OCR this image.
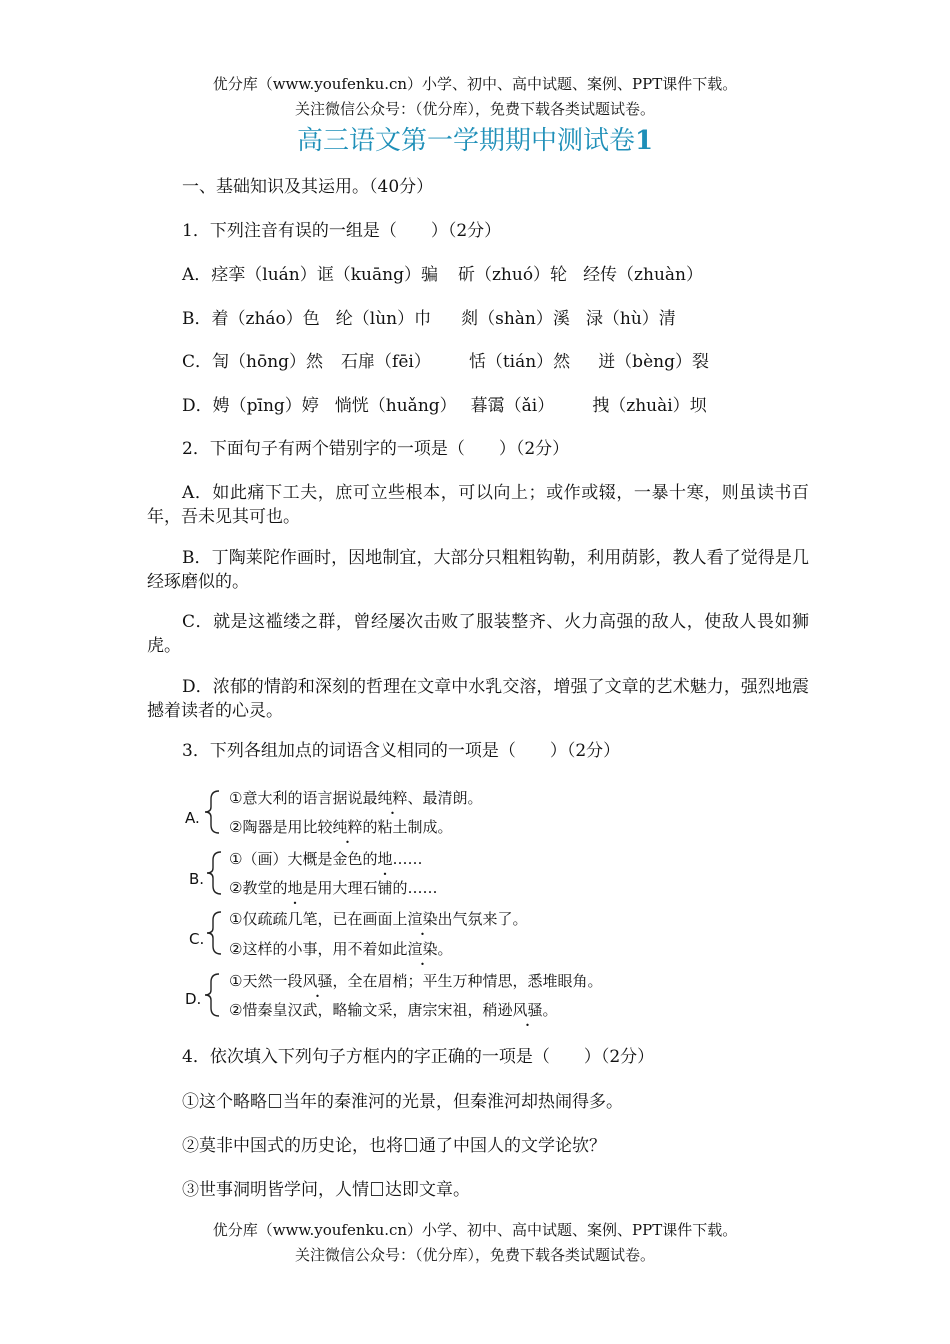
优分库（www.youfenku.cn）小学、初中、高中试题、案例、PPT课件下载。
关注微信公众号：（优分库），免费下载各类试题试卷。
高三语文第一学期期中测试卷1
一、基础知识及其运用。（40分）
1．下列注音有误的一组是（　　）（2分）
A．痉挛（luán）诓（kuāng）骗 斫（zhuó）轮 经传（zhuàn）
B．着（zháo）色 纶（lùn）巾 剡（shàn）溪 渌（hù）清
C．訇（hōng）然 石扉（fēi） 恬（tián）然 迸（bèng）裂
D．娉（pīng）婷 惝恍（huǎng） 暮霭（ǎi） 拽（zhuài）坝
2．下面句子有两个错别字的一项是（　　）（2分）
A．如此痛下工夫，庶可立些根本，可以向上；或作或辍，一暴十寒，则虽读书百年，吾未见其可也。
B．丁陶莱陀作画时，因地制宜，大部分只粗粗钩勒，利用荫影，教人看了觉得是几经琢磨似的。
C．就是这褴缕之群，曾经屡次击败了服装整齐、火力高强的敌人，使敌人畏如狮虎。
D．浓郁的情韵和深刻的哲理在文章中水乳交溶，增强了文章的艺术魅力，强烈地震撼着读者的心灵。
3．下列各组加点的词语含义相同的一项是（　　）（2分）
A.
①意大利的语言据说最纯粹、最清朗。
②陶器是用比较纯粹的粘土制成。
B.
①（画）大概是金色的地……
②教堂的地是用大理石铺的……
C.
①仅疏疏几笔，已在画面上渲染出气氛来了。
②这样的小事，用不着如此渲染。
D.
①天然一段风骚，全在眉梢；平生万种情思，悉堆眼角。
②惜秦皇汉武，略输文采，唐宗宋祖，稍逊风骚。
4．依次填入下列句子方框内的字正确的一项是（　　）（2分）
①这个略略 当年的秦淮河的光景，但秦淮河却热闹得多。
②莫非中国式的历史论，也将 通了中国人的文学论欤？
③世事洞明皆学问，人情 达即文章。
优分库（www.youfenku.cn）小学、初中、高中试题、案例、PPT课件下载。
关注微信公众号：（优分库），免费下载各类试题试卷。
